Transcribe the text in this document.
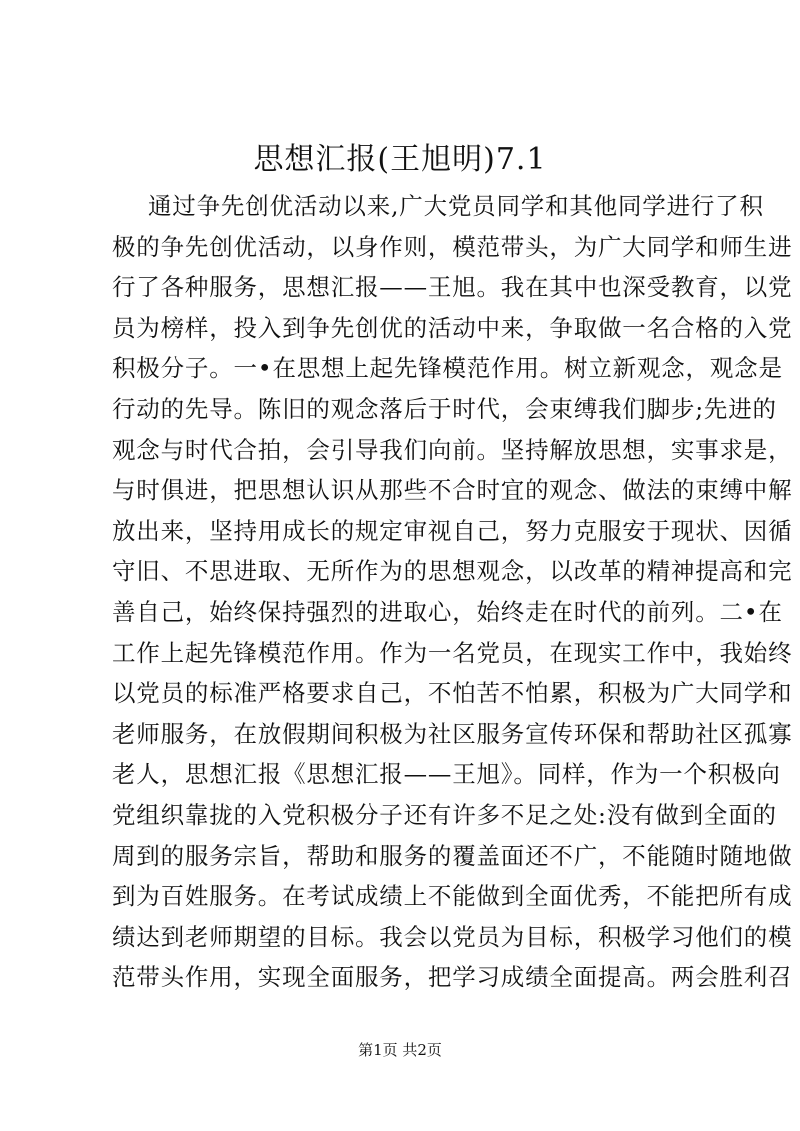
思想汇报(王旭明)7.1
通过争先创优活动以来,广大党员同学和其他同学进行了积
极的争先创优活动，以身作则，模范带头，为广大同学和师生进
行了各种服务，思想汇报——王旭。我在其中也深受教育，以党
员为榜样，投入到争先创优的活动中来，争取做一名合格的入党
积极分子。一•在思想上起先锋模范作用。树立新观念，观念是
行动的先导。陈旧的观念落后于时代，会束缚我们脚步;先进的
观念与时代合拍，会引导我们向前。坚持解放思想，实事求是，
与时俱进，把思想认识从那些不合时宜的观念、做法的束缚中解
放出来，坚持用成长的规定审视自己，努力克服安于现状、因循
守旧、不思进取、无所作为的思想观念，以改革的精神提高和完
善自己，始终保持强烈的进取心，始终走在时代的前列。二•在
工作上起先锋模范作用。作为一名党员，在现实工作中，我始终
以党员的标准严格要求自己，不怕苦不怕累，积极为广大同学和
老师服务，在放假期间积极为社区服务宣传环保和帮助社区孤寡
老人，思想汇报《思想汇报——王旭》。同样，作为一个积极向
党组织靠拢的入党积极分子还有许多不足之处:没有做到全面的
周到的服务宗旨，帮助和服务的覆盖面还不广，不能随时随地做
到为百姓服务。在考试成绩上不能做到全面优秀，不能把所有成
绩达到老师期望的目标。我会以党员为目标，积极学习他们的模
范带头作用，实现全面服务，把学习成绩全面提高。两会胜利召
第1页 共2页
